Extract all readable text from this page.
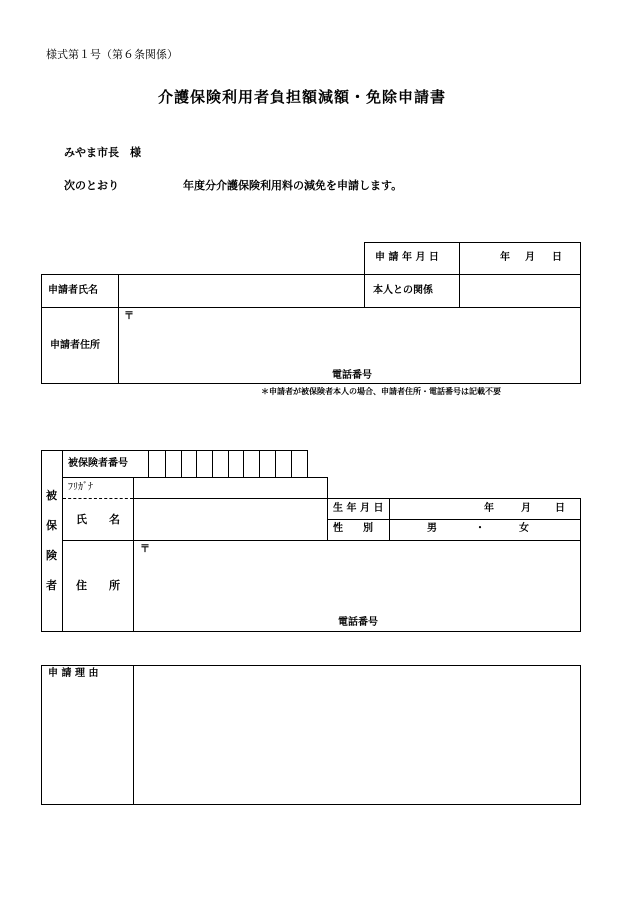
様式第１号（第６条関係）
介護保険利用者負担額減額・免除申請書
みやま市長　様
次のとおり	年度分介護保険利用料の減免を申請します。
申 請 年 月 日	年 月 日
申請者氏名	本人との関係
〒
申請者住所
電話番号
＊申請者が被保険者本人の場合、申請者住所・電話番号は記載不要
被
保
険
者
被保険者番号
ﾌﾘｶﾞﾅ
氏　　名
生 年 月 日	年	月 日
性　　別	男	・	女
〒
住　　所
電話番号
申 請 理 由
